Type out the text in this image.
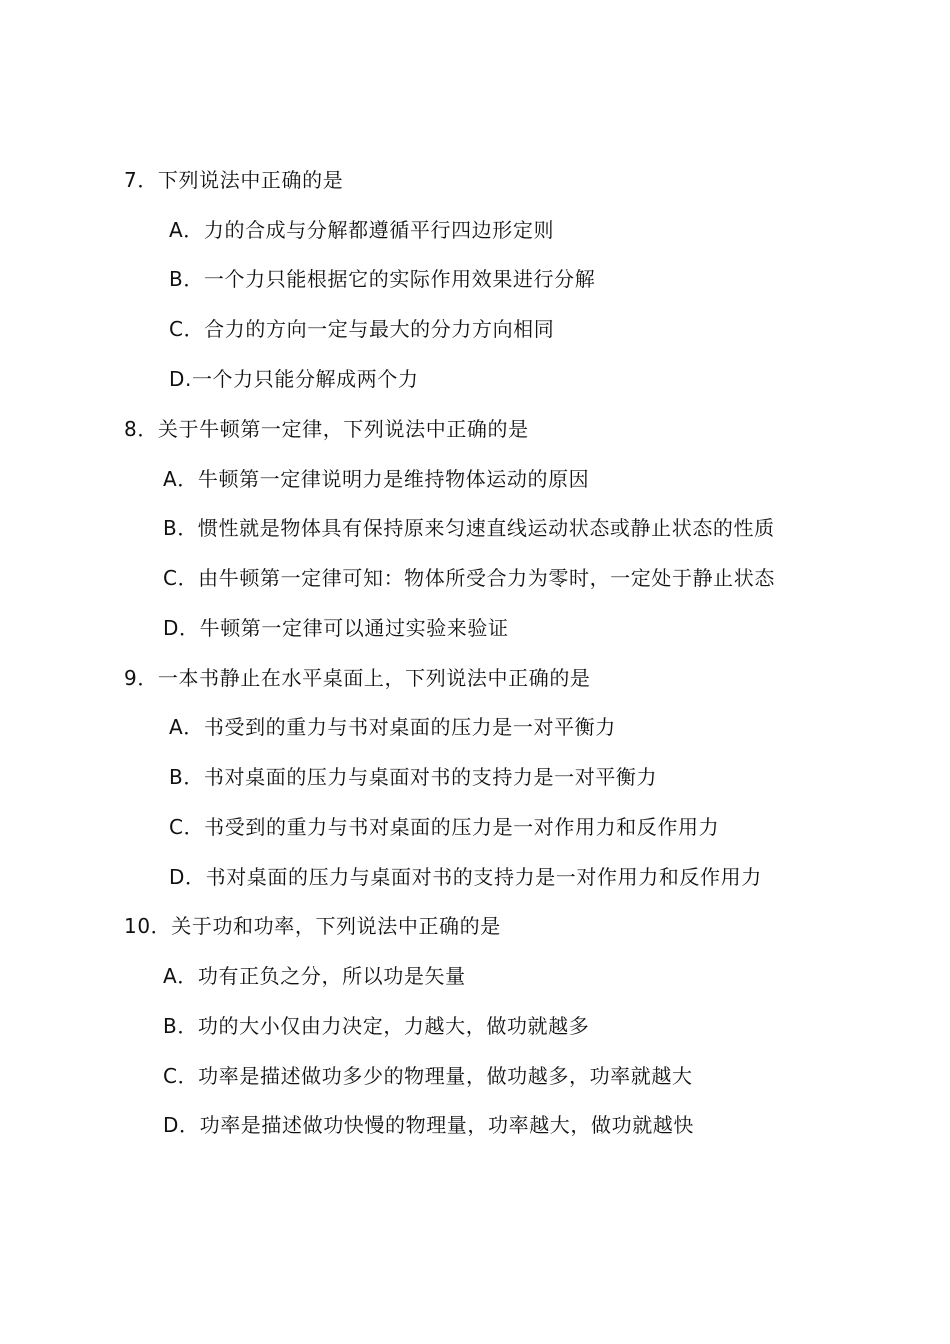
7．下列说法中正确的是
A．力的合成与分解都遵循平行四边形定则
B．一个力只能根据它的实际作用效果进行分解
C．合力的方向一定与最大的分力方向相同
D.一个力只能分解成两个力
8．关于牛顿第一定律，下列说法中正确的是
A．牛顿第一定律说明力是维持物体运动的原因
B．惯性就是物体具有保持原来匀速直线运动状态或静止状态的性质
C．由牛顿第一定律可知：物体所受合力为零时，一定处于静止状态
D．牛顿第一定律可以通过实验来验证
9．一本书静止在水平桌面上，下列说法中正确的是
A．书受到的重力与书对桌面的压力是一对平衡力
B．书对桌面的压力与桌面对书的支持力是一对平衡力
C．书受到的重力与书对桌面的压力是一对作用力和反作用力
D．书对桌面的压力与桌面对书的支持力是一对作用力和反作用力
10．关于功和功率，下列说法中正确的是
A．功有正负之分，所以功是矢量
B．功的大小仅由力决定，力越大，做功就越多
C．功率是描述做功多少的物理量，做功越多，功率就越大
D．功率是描述做功快慢的物理量，功率越大，做功就越快
